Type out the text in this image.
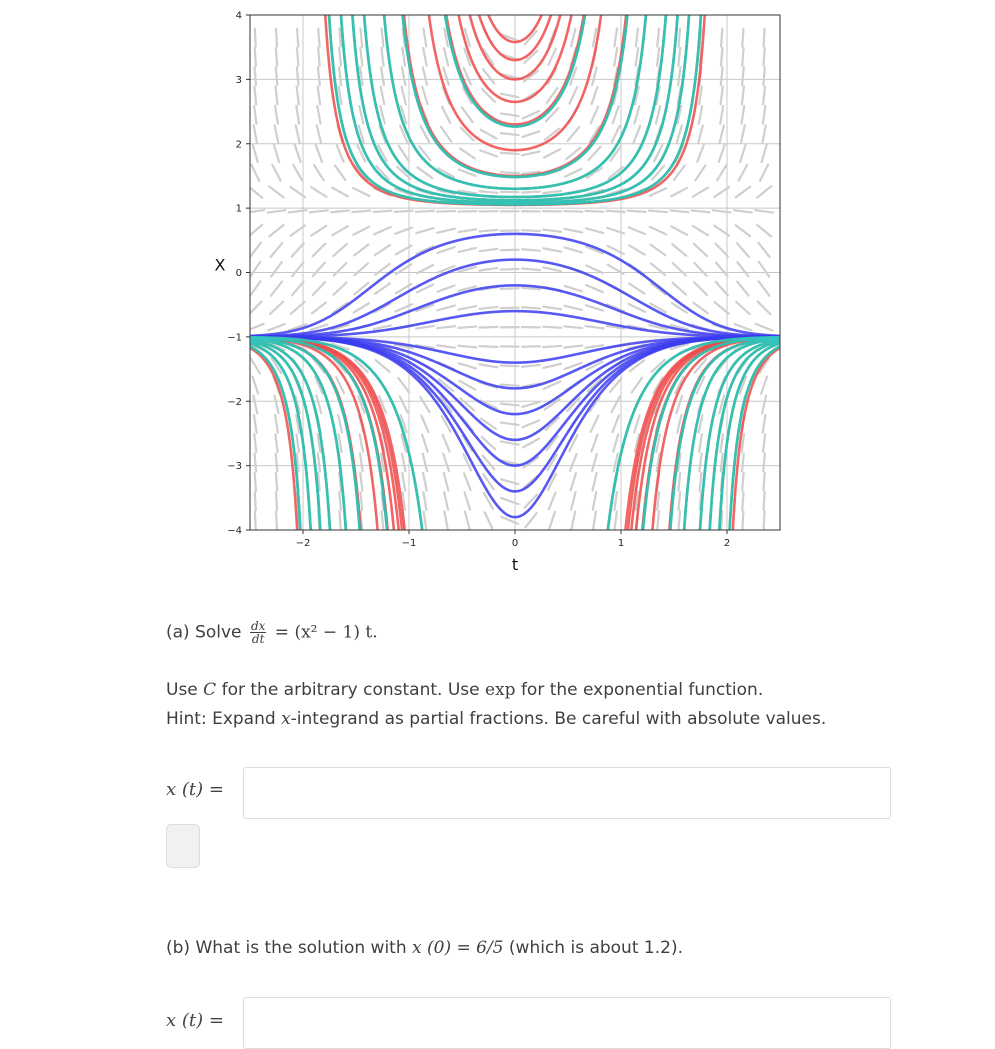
−2	−1	0	1	2
4
3
2
1
0
−1
−2
−3
−4
t
X
(a) Solve $\frac{dx}{dt} = (x^2 - 1)$ t.
Use C for the arbitrary constant. Use exp for the exponential function.
Hint: Expand x-integrand as partial fractions. Be careful with absolute values.
x (t) =
(b) What is the solution with x (0) = 6/5 (which is about 1.2).
x (t) =
